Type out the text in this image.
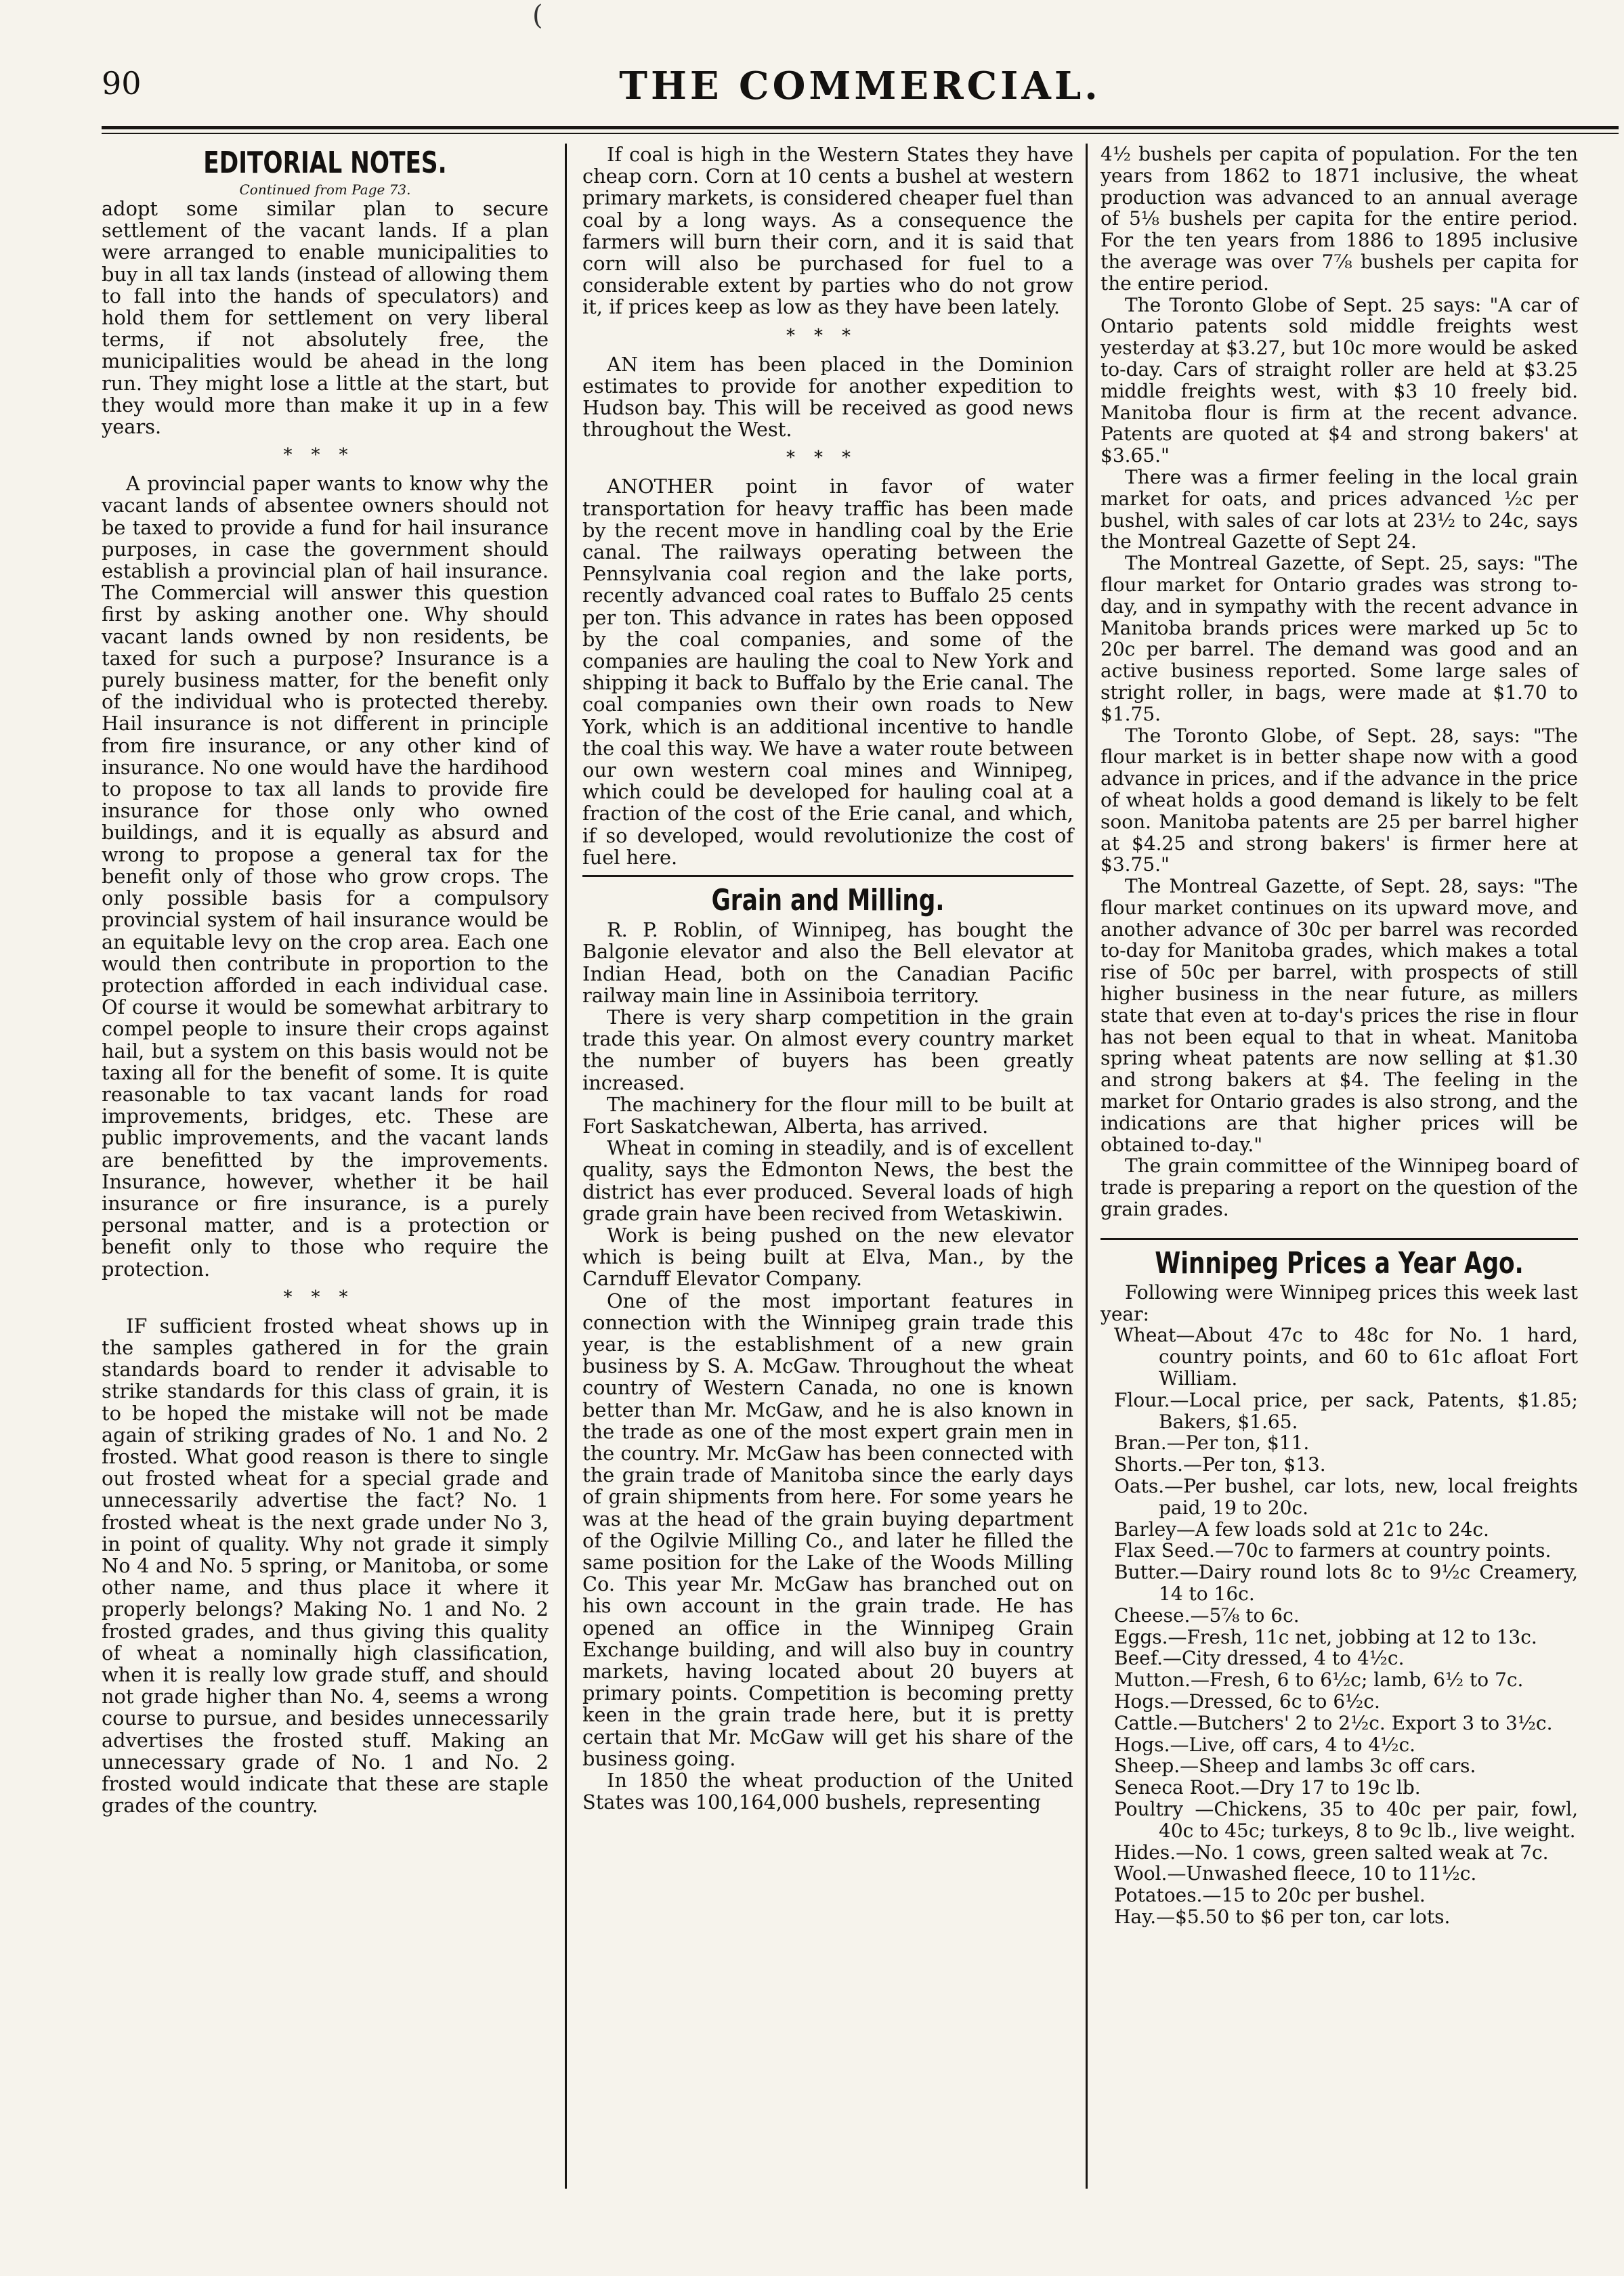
(
90	THE COMMERCIAL.
EDITORIAL NOTES.
Continued from Page 73.

adopt some similar plan to secure settlement of the vacant lands. If a plan were arranged to enable municipalities to buy in all tax lands (instead of allowing them to fall into the hands of speculators) and hold them for settlement on very liberal terms, if not absolutely free, the municipalities would be ahead in the long run. They might lose a little at the start, but they would more than make it up in a few years.

***

A provincial paper wants to know why the vacant lands of absentee owners should not be taxed to provide a fund for hail insurance purposes, in case the government should establish a provincial plan of hail insurance. The Commercial will answer this question first by asking another one. Why should vacant lands owned by non residents, be taxed for such a purpose? Insurance is a purely business matter, for the benefit only of the individual who is protected thereby. Hail insurance is not different in principle from fire insurance, or any other kind of insurance. No one would have the hardihood to propose to tax all lands to provide fire insurance for those only who owned buildings, and it is equally as absurd and wrong to propose a general tax for the benefit only of those who grow crops. The only possible basis for a compulsory provincial system of hail insurance would be an equitable levy on the crop area. Each one would then contribute in proportion to the protection afforded in each individual case. Of course it would be somewhat arbitrary to compel people to insure their crops against hail, but a system on this basis would not be taxing all for the benefit of some. It is quite reasonable to tax vacant lands for road improvements, bridges, etc. These are public improvements, and the vacant lands are benefitted by the improvements. Insurance, however, whether it be hail insurance or fire insurance, is a purely personal matter, and is a protection or benefit only to those who require the protection.

***

IF sufficient frosted wheat shows up in the samples gathered in for the grain standards board to render it advisable to strike standards for this class of grain, it is to be hoped the mistake will not be made again of striking grades of No. 1 and No. 2 frosted. What good reason is there to single out frosted wheat for a special grade and unnecessarily advertise the fact? No. 1 frosted wheat is the next grade under No 3, in point of quality. Why not grade it simply No 4 and No. 5 spring, or Manitoba, or some other name, and thus place it where it properly belongs? Making No. 1 and No. 2 frosted grades, and thus giving this quality of wheat a nominally high classification, when it is really low grade stuff, and should not grade higher than No. 4, seems a wrong course to pursue, and besides unnecessarily advertises the frosted stuff. Making an unnecessary grade of No. 1 and No. 2 frosted would indicate that these are staple grades of the country.

If coal is high in the Western States they have cheap corn. Corn at 10 cents a bushel at western primary markets, is considered cheaper fuel than coal by a long ways. As a consequence the farmers will burn their corn, and it is said that corn will also be purchased for fuel to a considerable extent by parties who do not grow it, if prices keep as low as they have been lately.

***

AN item has been placed in the Dominion estimates to provide for another expedition to Hudson bay. This will be received as good news throughout the West.

***

ANOTHER point in favor of water transportation for heavy traffic has been made by the recent move in handling coal by the Erie canal. The railways operating between the Pennsylvania coal region and the lake ports, recently advanced coal rates to Buffalo 25 cents per ton. This advance in rates has been opposed by the coal companies, and some of the companies are hauling the coal to New York and shipping it back to Buffalo by the Erie canal. The coal companies own their own roads to New York, which is an additional incentive to handle the coal this way. We have a water route between our own western coal mines and Winnipeg, which could be developed for hauling coal at a fraction of the cost of the Erie canal, and which, if so developed, would revolutionize the cost of fuel here.

Grain and Milling.

R. P. Roblin, of Winnipeg, has bought the Balgonie elevator and also the Bell elevator at Indian Head, both on the Canadian Pacific railway main line in Assiniboia territory.

There is very sharp competition in the grain trade this year. On almost every country market the number of buyers has been greatly increased.

The machinery for the flour mill to be built at Fort Saskatchewan, Alberta, has arrived.

Wheat in coming in steadily, and is of excellent quality, says the Edmonton News, the best the district has ever produced. Several loads of high grade grain have been recived from Wetaskiwin.

Work is being pushed on the new elevator which is being built at Elva, Man., by the Carnduff Elevator Company.

One of the most important features in connection with the Winnipeg grain trade this year, is the establishment of a new grain business by S. A. McGaw. Throughout the wheat country of Western Canada, no one is known better than Mr. McGaw, and he is also known in the trade as one of the most expert grain men in the country. Mr. McGaw has been connected with the grain trade of Manitoba since the early days of grain shipments from here. For some years he was at the head of the grain buying department of the Ogilvie Milling Co., and later he filled the same position for the Lake of the Woods Milling Co. This year Mr. McGaw has branched out on his own account in the grain trade. He has opened an office in the Winnipeg Grain Exchange building, and will also buy in country markets, having located about 20 buyers at primary points. Competition is becoming pretty keen in the grain trade here, but it is pretty certain that Mr. McGaw will get his share of the business going.

In 1850 the wheat production of the United States was 100,164,000 bushels, representing

4½ bushels per capita of population. For the ten years from 1862 to 1871 inclusive, the wheat production was advanced to an annual average of 5⅛ bushels per capita for the entire period. For the ten years from 1886 to 1895 inclusive the average was over 7⅞ bushels per capita for the entire period.

The Toronto Globe of Sept. 25 says: "A car of Ontario patents sold middle freights west yesterday at $3.27, but 10c more would be asked to-day. Cars of straight roller are held at $3.25 middle freights west, with $3 10 freely bid. Manitoba flour is firm at the recent advance. Patents are quoted at $4 and strong bakers' at $3.65."

There was a firmer feeling in the local grain market for oats, and prices advanced ½c per bushel, with sales of car lots at 23½ to 24c, says the Montreal Gazette of Sept 24.

The Montreal Gazette, of Sept. 25, says: "The flour market for Ontario grades was strong to-day, and in sympathy with the recent advance in Manitoba brands prices were marked up 5c to 20c per barrel. The demand was good and an active business reported. Some large sales of stright roller, in bags, were made at $1.70 to $1.75.

The Toronto Globe, of Sept. 28, says: "The flour market is in better shape now with a good advance in prices, and if the advance in the price of wheat holds a good demand is likely to be felt soon. Manitoba patents are 25 per barrel higher at $4.25 and strong bakers' is firmer here at $3.75."

The Montreal Gazette, of Sept. 28, says: "The flour market continues on its upward move, and another advance of 30c per barrel was recorded to-day for Manitoba grades, which makes a total rise of 50c per barrel, with prospects of still higher business in the near future, as millers state that even at to-day's prices the rise in flour has not been equal to that in wheat. Manitoba spring wheat patents are now selling at $1.30 and strong bakers at $4. The feeling in the market for Ontario grades is also strong, and the indications are that higher prices will be obtained to-day."

The grain committee of the Winnipeg board of trade is preparing a report on the question of the grain grades.

Winnipeg Prices a Year Ago.

Following were Winnipeg prices this week last year:

Wheat—About 47c to 48c for No. 1 hard, country points, and 60 to 61c afloat Fort William.

Flour.—Local price, per sack, Patents, $1.85; Bakers, $1.65.

Bran.—Per ton, $11.

Shorts.—Per ton, $13.

Oats.—Per bushel, car lots, new, local freights paid, 19 to 20c.

Barley—A few loads sold at 21c to 24c.

Flax Seed.—70c to farmers at country points.

Butter.—Dairy round lots 8c to 9½c Creamery, 14 to 16c.

Cheese.—5⅞ to 6c.

Eggs.—Fresh, 11c net, jobbing at 12 to 13c.

Beef.—City dressed, 4 to 4½c.

Mutton.—Fresh, 6 to 6½c; lamb, 6½ to 7c.

Hogs.—Dressed, 6c to 6½c.

Cattle.—Butchers' 2 to 2½c. Export 3 to 3½c.

Hogs.—Live, off cars, 4 to 4½c.

Sheep.—Sheep and lambs 3c off cars.

Seneca Root.—Dry 17 to 19c lb.

Poultry —Chickens, 35 to 40c per pair, fowl, 40c to 45c; turkeys, 8 to 9c lb., live weight.

Hides.—No. 1 cows, green salted weak at 7c.

Wool.—Unwashed fleece, 10 to 11½c.

Potatoes.—15 to 20c per bushel.

Hay.—$5.50 to $6 per ton, car lots.
